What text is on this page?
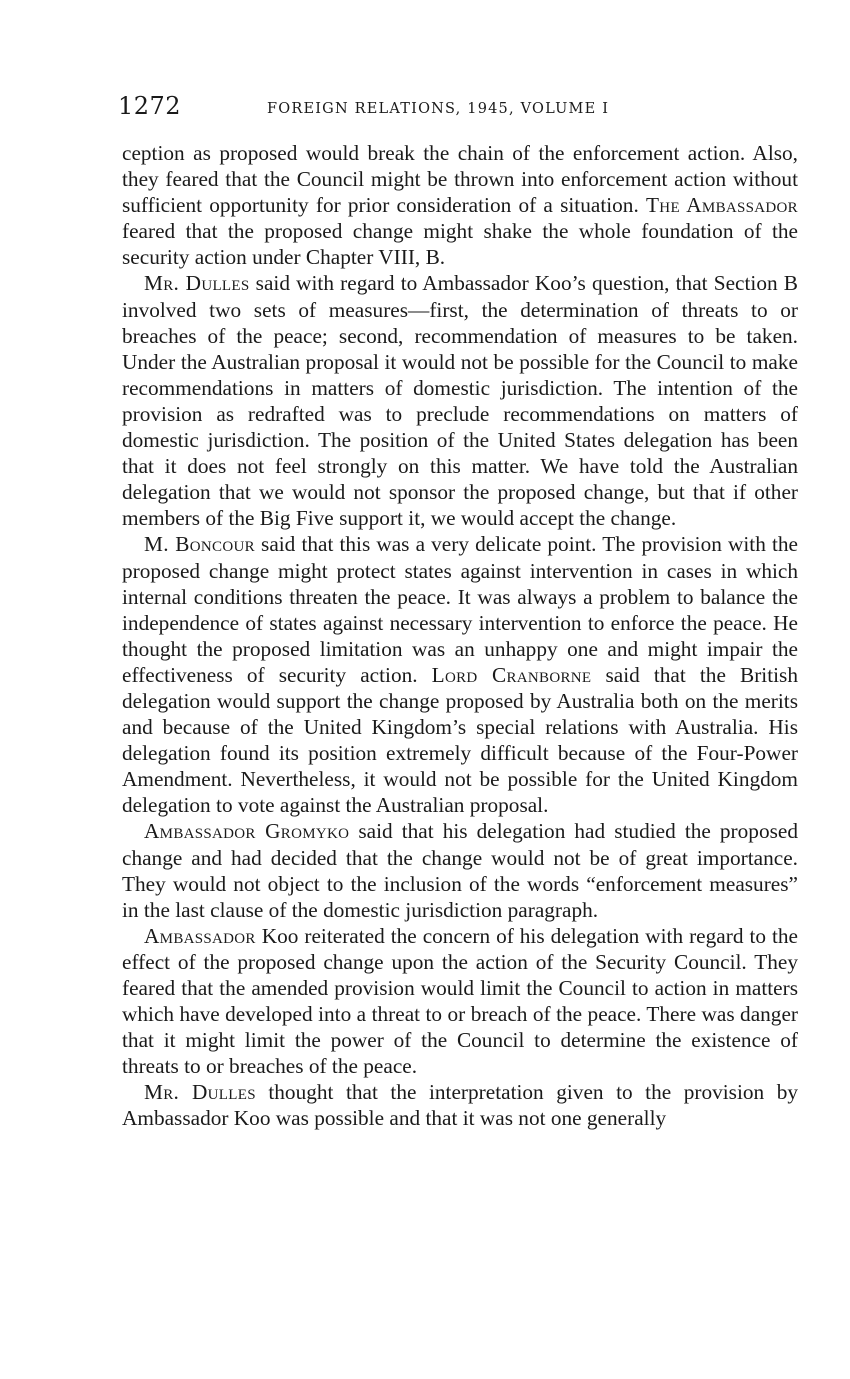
1272	FOREIGN RELATIONS, 1945, VOLUME I

ception as proposed would break the chain of the enforcement action. Also, they feared that the Council might be thrown into enforcement action without sufficient opportunity for prior consideration of a situation. The Ambassador feared that the proposed change might shake the whole foundation of the security action under Chapter VIII, B.

Mr. Dulles said with regard to Ambassador Koo’s question, that Section B involved two sets of measures—first, the determination of threats to or breaches of the peace; second, recommendation of measures to be taken. Under the Australian proposal it would not be possible for the Council to make recommendations in matters of domestic jurisdiction. The intention of the provision as redrafted was to preclude recommendations on matters of domestic jurisdiction. The position of the United States delegation has been that it does not feel strongly on this matter. We have told the Australian delegation that we would not sponsor the proposed change, but that if other members of the Big Five support it, we would accept the change.

M. Boncour said that this was a very delicate point. The provision with the proposed change might protect states against intervention in cases in which internal conditions threaten the peace. It was always a problem to balance the independence of states against necessary intervention to enforce the peace. He thought the proposed limitation was an unhappy one and might impair the effectiveness of security action. Lord Cranborne said that the British delegation would support the change proposed by Australia both on the merits and because of the United Kingdom’s special relations with Australia. His delegation found its position extremely difficult because of the Four-Power Amendment. Nevertheless, it would not be possible for the United Kingdom delegation to vote against the Australian proposal.

Ambassador Gromyko said that his delegation had studied the proposed change and had decided that the change would not be of great importance. They would not object to the inclusion of the words “enforcement measures” in the last clause of the domestic jurisdiction paragraph.

Ambassador Koo reiterated the concern of his delegation with regard to the effect of the proposed change upon the action of the Security Council. They feared that the amended provision would limit the Council to action in matters which have developed into a threat to or breach of the peace. There was danger that it might limit the power of the Council to determine the existence of threats to or breaches of the peace.

Mr. Dulles thought that the interpretation given to the provision by Ambassador Koo was possible and that it was not one generally
